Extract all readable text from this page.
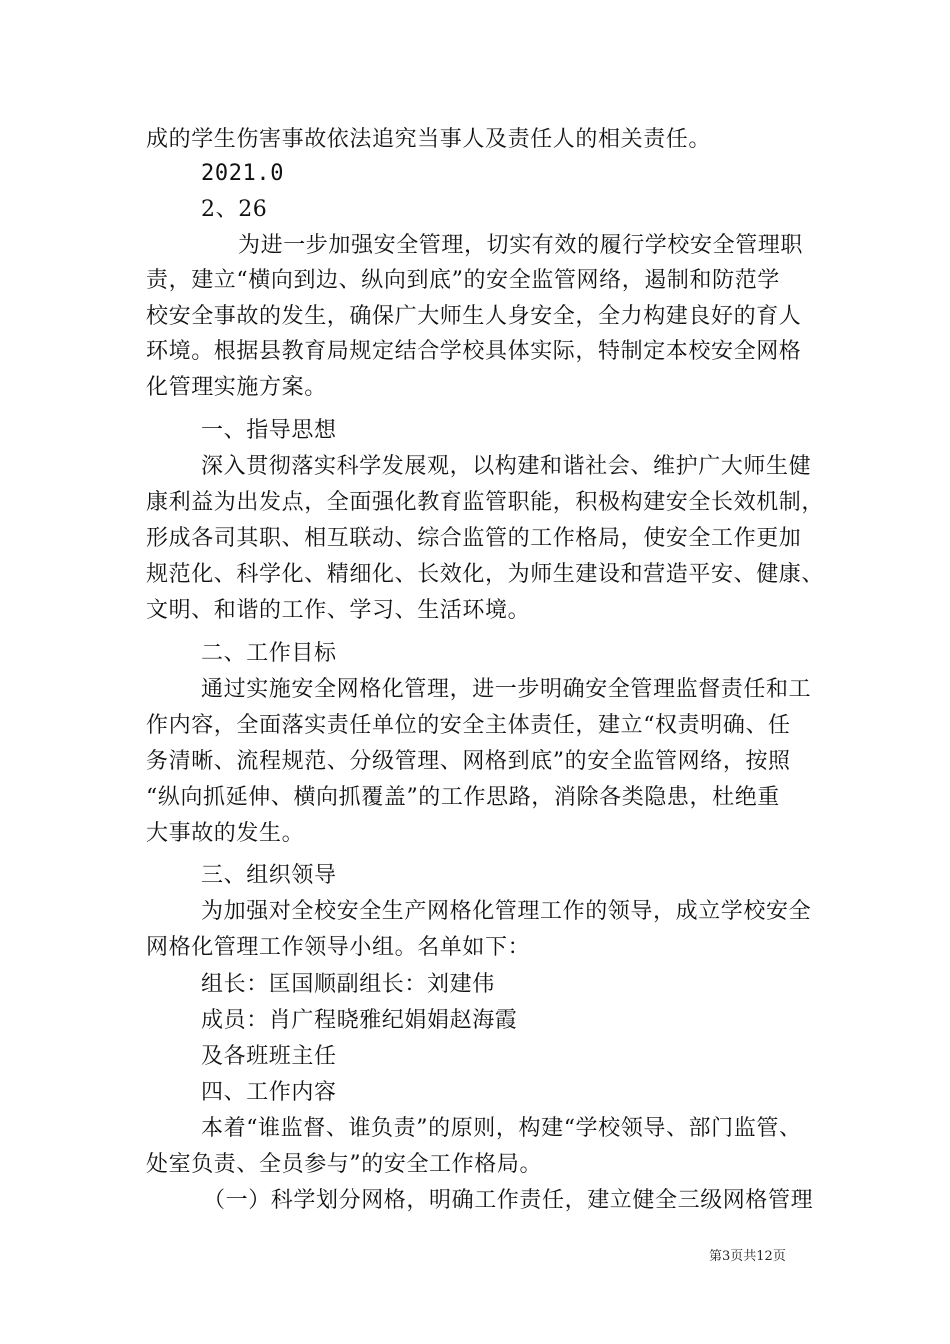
成的学生伤害事故依法追究当事人及责任人的相关责任。
2021.0
2、26
为进一步加强安全管理，切实有效的履行学校安全管理职
责，建立“横向到边、纵向到底”的安全监管网络，遏制和防范学
校安全事故的发生，确保广大师生人身安全，全力构建良好的育人
环境。根据县教育局规定结合学校具体实际，特制定本校安全网格
化管理实施方案。
一、指导思想
深入贯彻落实科学发展观，以构建和谐社会、维护广大师生健
康利益为出发点，全面强化教育监管职能，积极构建安全长效机制，
形成各司其职、相互联动、综合监管的工作格局，使安全工作更加
规范化、科学化、精细化、长效化，为师生建设和营造平安、健康、
文明、和谐的工作、学习、生活环境。
二、工作目标
通过实施安全网格化管理，进一步明确安全管理监督责任和工
作内容，全面落实责任单位的安全主体责任，建立“权责明确、任
务清晰、流程规范、分级管理、网格到底”的安全监管网络，按照
“纵向抓延伸、横向抓覆盖”的工作思路，消除各类隐患，杜绝重
大事故的发生。
三、组织领导
为加强对全校安全生产网格化管理工作的领导，成立学校安全
网格化管理工作领导小组。名单如下：
组长：匡国顺副组长：刘建伟
成员：肖广程晓雅纪娟娟赵海霞
及各班班主任
四、工作内容
本着“谁监督、谁负责”的原则，构建“学校领导、部门监管、
处室负责、全员参与”的安全工作格局。
（一）科学划分网格，明确工作责任，建立健全三级网格管理
第3页共12页
